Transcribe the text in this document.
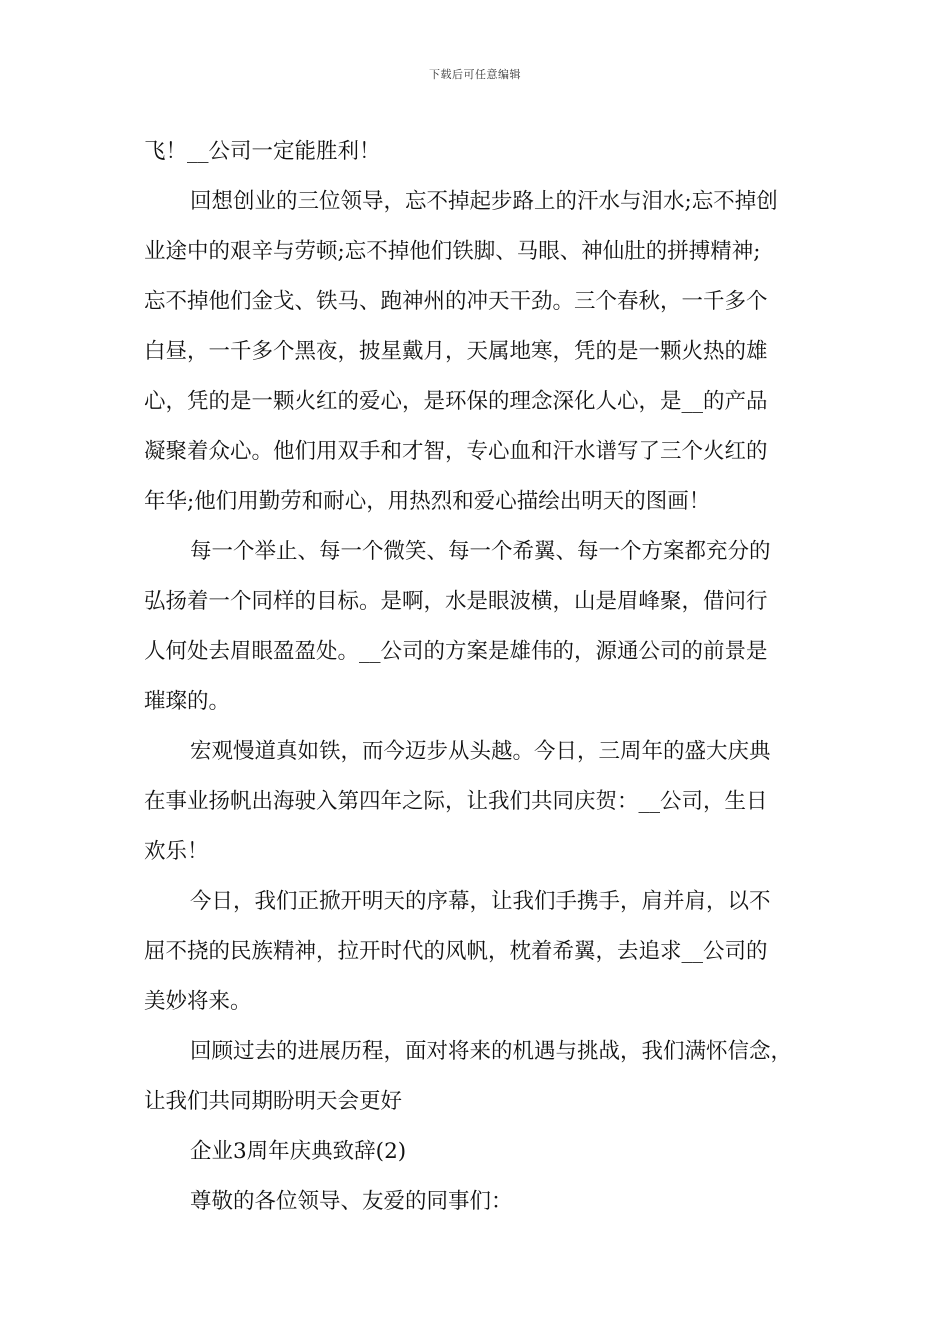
下载后可任意编辑

飞！__公司一定能胜利！

回想创业的三位领导，忘不掉起步路上的汗水与泪水;忘不掉创

业途中的艰辛与劳顿;忘不掉他们铁脚、马眼、神仙肚的拼搏精神;

忘不掉他们金戈、铁马、跑神州的冲天干劲。三个春秋，一千多个

白昼，一千多个黑夜，披星戴月，天属地寒，凭的是一颗火热的雄

心，凭的是一颗火红的爱心，是环保的理念深化人心，是__的产品

凝聚着众心。他们用双手和才智，专心血和汗水谱写了三个火红的

年华;他们用勤劳和耐心，用热烈和爱心描绘出明天的图画！

每一个举止、每一个微笑、每一个希翼、每一个方案都充分的

弘扬着一个同样的目标。是啊，水是眼波横，山是眉峰聚，借问行

人何处去眉眼盈盈处。__公司的方案是雄伟的，源通公司的前景是

璀璨的。

宏观慢道真如铁，而今迈步从头越。今日，三周年的盛大庆典

在事业扬帆出海驶入第四年之际，让我们共同庆贺：__公司，生日

欢乐！

今日，我们正掀开明天的序幕，让我们手携手，肩并肩，以不

屈不挠的民族精神，拉开时代的风帆，枕着希翼，去追求__公司的

美妙将来。

回顾过去的进展历程，面对将来的机遇与挑战，我们满怀信念，

让我们共同期盼明天会更好

企业3周年庆典致辞(2)

尊敬的各位领导、友爱的同事们：
